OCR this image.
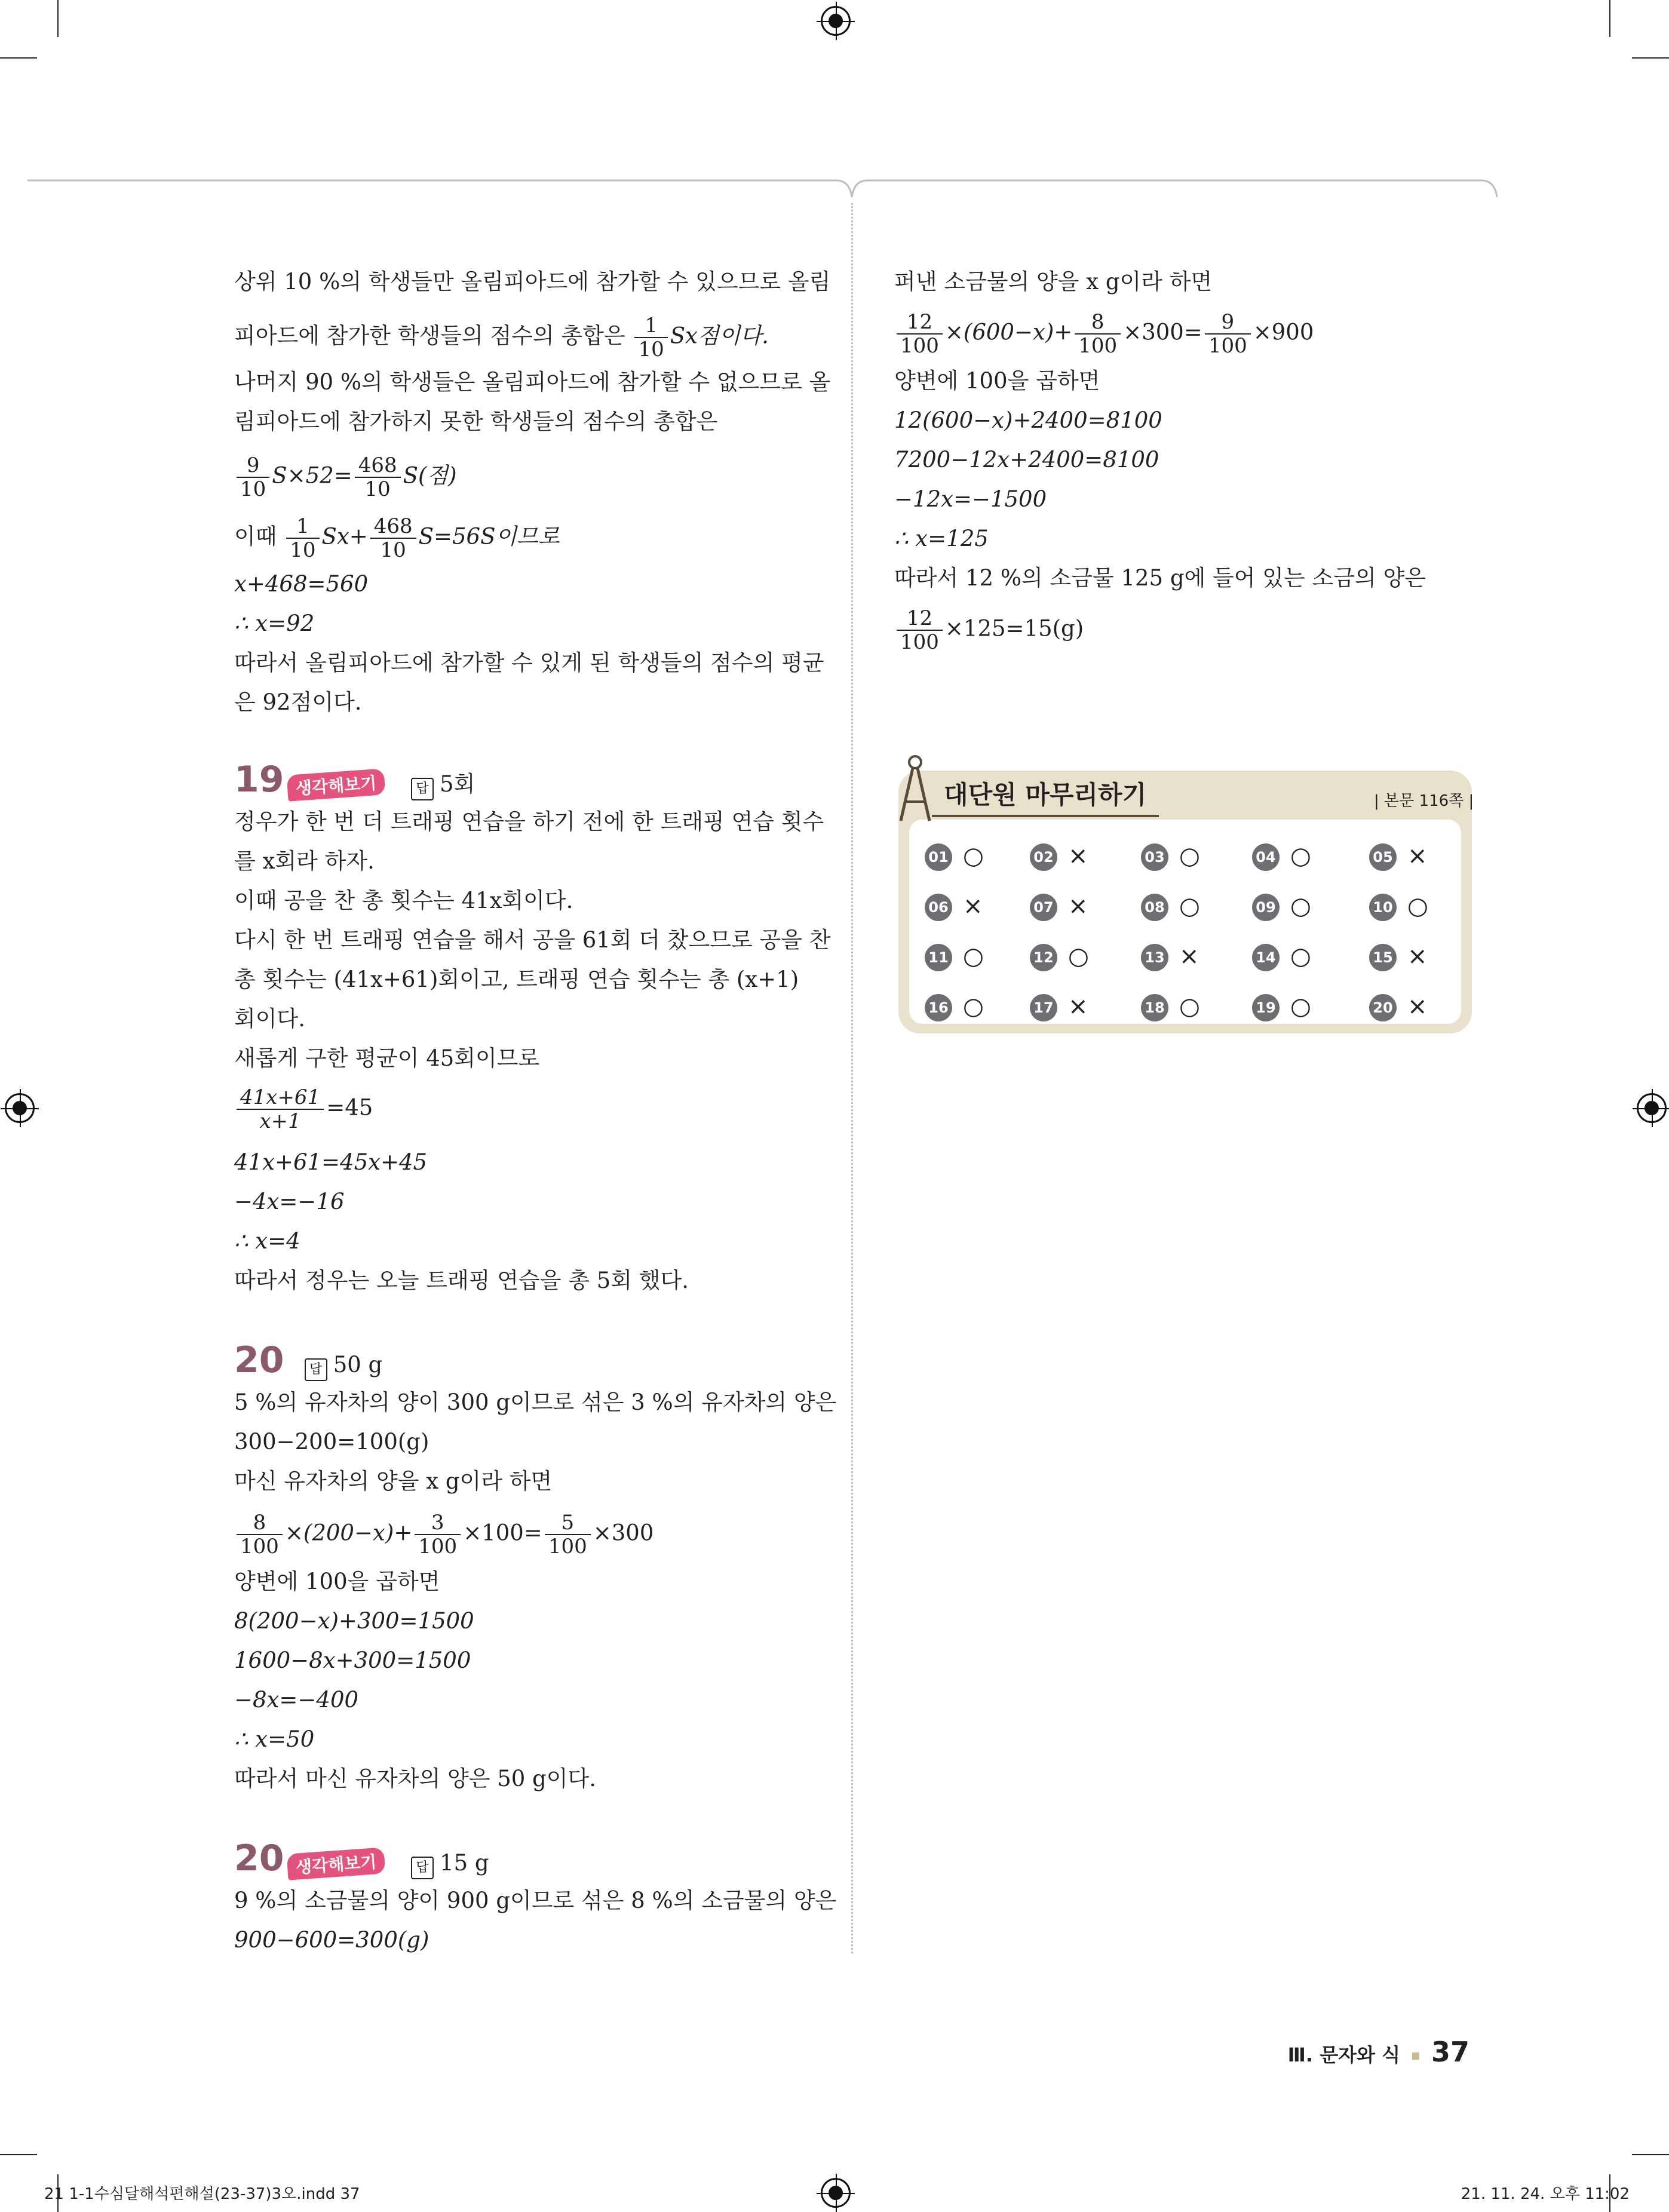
상위 10 %의 학생들만 올림피아드에 참가할 수 있으므로 올림
피아드에 참가한 학생들의 점수의 총합은 $\frac{1}{10}$ Sx점이다.
나머지 90 %의 학생들은 올림피아드에 참가할 수 없으므로 올
림피아드에 참가하지 못한 학생들의 점수의 총합은
$\frac{9}{10} S\times 52= \frac{468}{10} S$(점)
이때 $\frac{1}{10} Sx+ \frac{468}{10} S=56S$이므로
x+468=560
∴ x=92
따라서 올림피아드에 참가할 수 있게 된 학생들의 점수의 평균
은 92점이다.
19 생각해보기	답 5회
정우가 한 번 더 트래핑 연습을 하기 전에 한 트래핑 연습 횟수
를 x회라 하자.
이때 공을 찬 총 횟수는 41x회이다.
다시 한 번 트래핑 연습을 해서 공을 61회 더 찼으므로 공을 찬
총 횟수는 (41x+61)회이고, 트래핑 연습 횟수는 총 (x+1)
회이다.
새롭게 구한 평균이 45회이므로
$\frac{41x+61}{x+1} =45$
41x+61=45x+45
−4x=−16
∴ x=4
따라서 정우는 오늘 트래핑 연습을 총 5회 했다.
20 답 50 g
5 %의 유자차의 양이 300 g이므로 섞은 3 %의 유자차의 양은
300−200=100(g)
마신 유자차의 양을 x g이라 하면
$\frac{8}{100} \times(200-x)+ \frac{3}{100} \times 100= \frac{5}{100} \times 300$
양변에 100을 곱하면
8(200−x)+300=1500
1600−8x+300=1500
−8x=−400
∴ x=50
따라서 마신 유자차의 양은 50 g이다.
20 생각해보기	답 15 g
9 %의 소금물의 양이 900 g이므로 섞은 8 %의 소금물의 양은
900−600=300(g)
퍼낸 소금물의 양을 x g이라 하면
$\frac{12}{100} \times(600-x)+ \frac{8}{100} \times 300= \frac{9}{100} \times 900$
양변에 100을 곱하면
12(600−x)+2400=8100
7200−12x+2400=8100
−12x=−1500
∴ x=125
따라서 12 %의 소금물 125 g에 들어 있는 소금의 양은
$\frac{12}{100} \times 125=15(g)$
대단원 마무리하기	| 본문 116쪽 |
01 ○	02 ×	03 ○	04 ○	05 ×
06 ×	07 ×	08 ○	09 ○	10 ○
11 ○	12 ○	13 ×	14 ○	15 ×
16 ○	17 ×	18 ○	19 ○	20 ×
Ⅲ. 문자와 식 37
21 1-1수심달해석편해설(23-37)3오.indd 37	21. 11. 24. 오후 11:02
